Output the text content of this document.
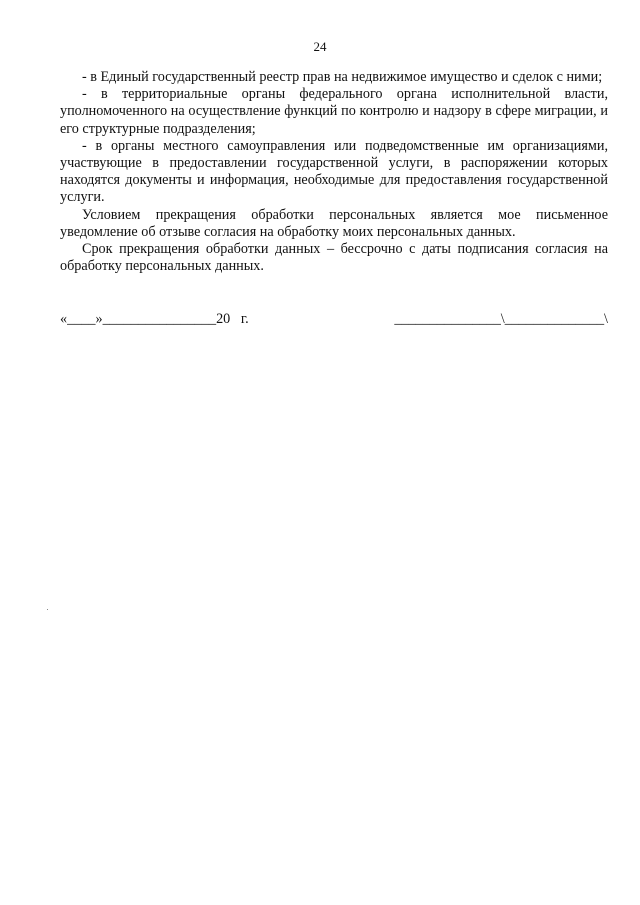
24

- в Единый государственный реестр прав на недвижимое имущество и сделок с ними;

- в территориальные органы федерального органа исполнительной власти, уполномоченного на осуществление функций по контролю и надзору в сфере миграции, и его структурные подразделения;

- в органы местного самоуправления или подведомственные им организациями, участвующие в предоставлении государственной услуги, в распоряжении которых находятся документы и информация, необходимые для предоставления государственной услуги.

Условием прекращения обработки персональных является мое письменное уведомление об отзыве согласия на обработку моих персональных данных.

Срок прекращения обработки данных – бессрочно с даты подписания согласия на обработку персональных данных.

«____»________________20   г.	_______________\______________\
